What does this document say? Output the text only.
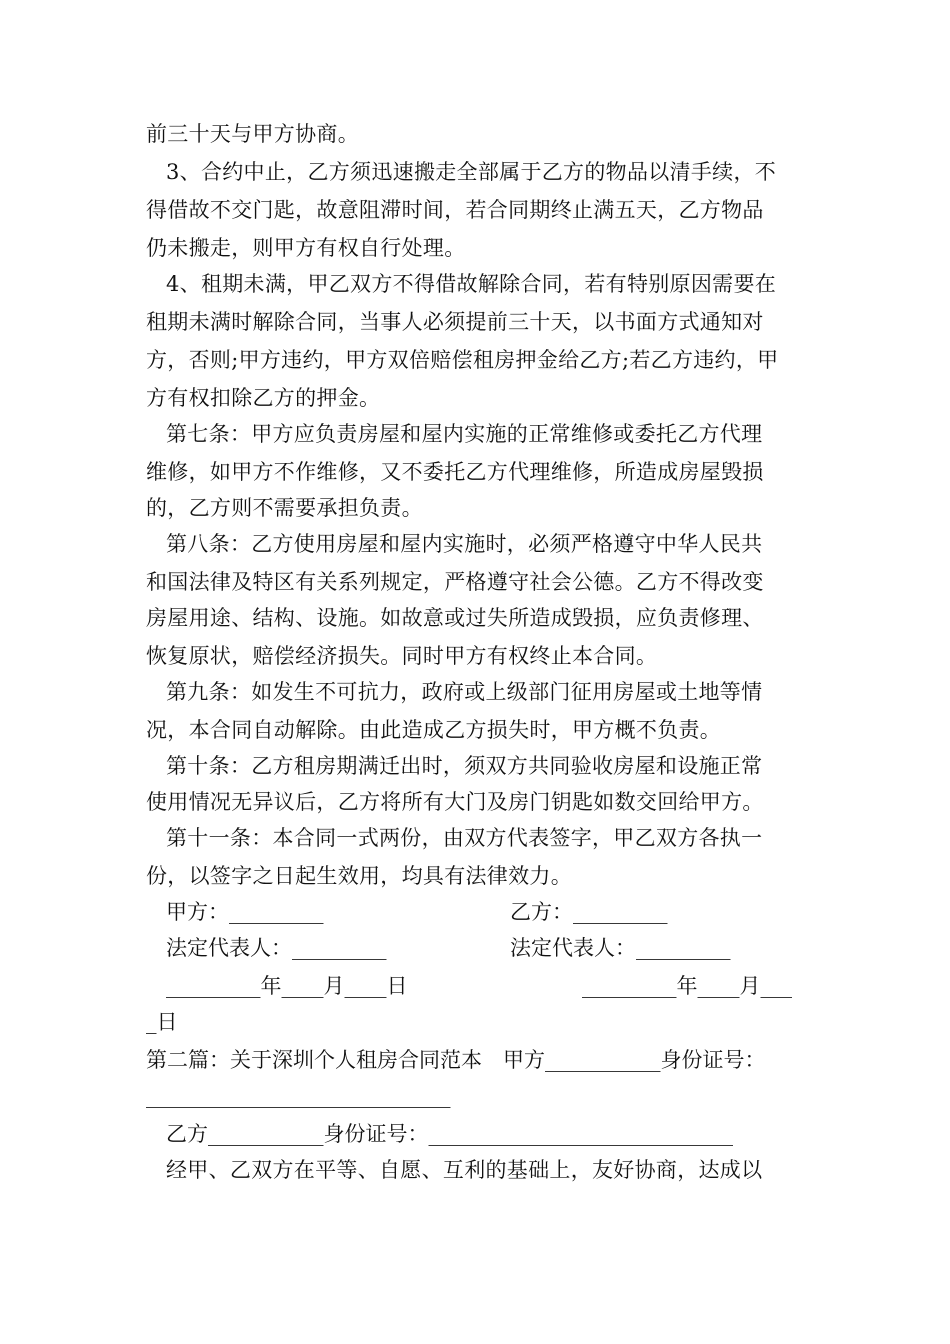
前三十天与甲方协商。
3、合约中止，乙方须迅速搬走全部属于乙方的物品以清手续，不
得借故不交门匙，故意阻滞时间，若合同期终止满五天，乙方物品
仍未搬走，则甲方有权自行处理。
4、租期未满，甲乙双方不得借故解除合同，若有特别原因需要在
租期未满时解除合同，当事人必须提前三十天，以书面方式通知对
方，否则;甲方违约，甲方双倍赔偿租房押金给乙方;若乙方违约，甲
方有权扣除乙方的押金。
第七条：甲方应负责房屋和屋内实施的正常维修或委托乙方代理
维修，如甲方不作维修，又不委托乙方代理维修，所造成房屋毁损
的，乙方则不需要承担负责。
第八条：乙方使用房屋和屋内实施时，必须严格遵守中华人民共
和国法律及特区有关系列规定，严格遵守社会公德。乙方不得改变
房屋用途、结构、设施。如故意或过失所造成毁损，应负责修理、
恢复原状，赔偿经济损失。同时甲方有权终止本合同。
第九条：如发生不可抗力，政府或上级部门征用房屋或土地等情
况，本合同自动解除。由此造成乙方损失时，甲方概不负责。
第十条：乙方租房期满迁出时，须双方共同验收房屋和设施正常
使用情况无异议后，乙方将所有大门及房门钥匙如数交回给甲方。
第十一条：本合同一式两份，由双方代表签字，甲乙双方各执一
份，以签字之日起生效用，均具有法律效力。
甲方：_________	乙方：_________
法定代表人：_________	法定代表人：_________
_________年____月____日	_________年____月___
_日
第二篇：关于深圳个人租房合同范本　甲方___________身份证号：
_____________________________
乙方___________身份证号：_____________________________
经甲、乙双方在平等、自愿、互利的基础上，友好协商，达成以
